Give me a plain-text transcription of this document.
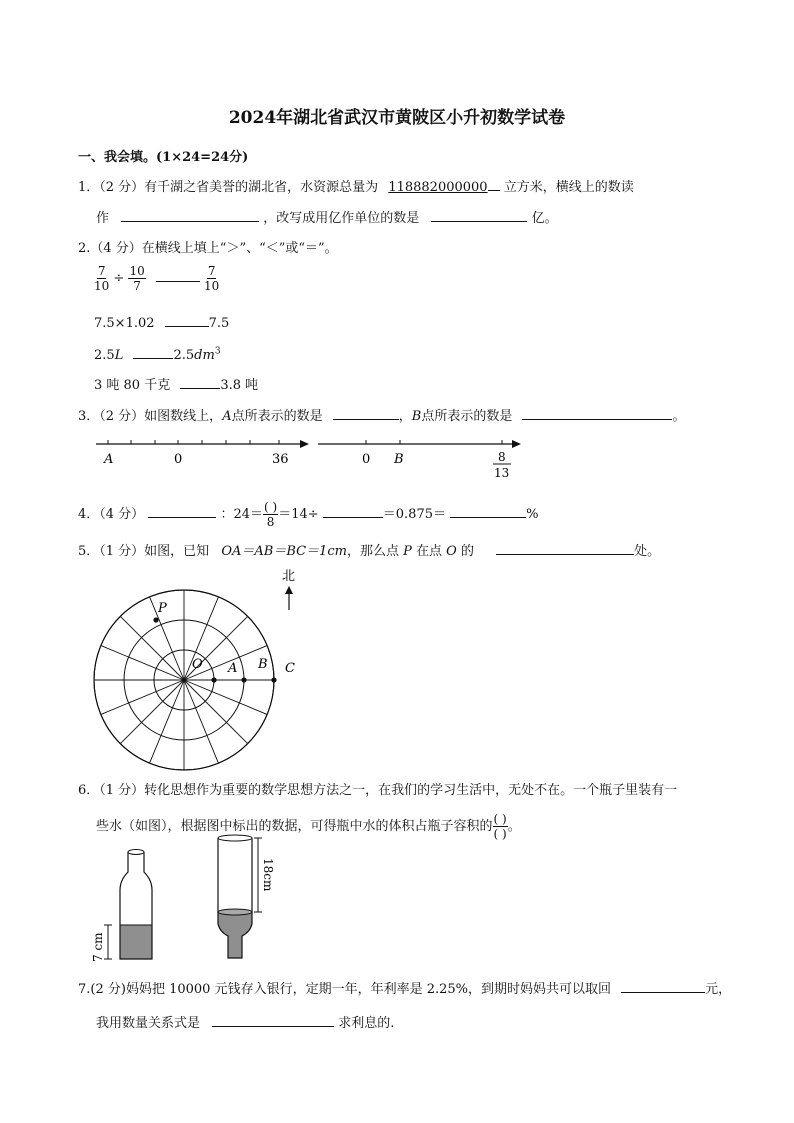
2024年湖北省武汉市黄陂区小升初数学试卷
一、我会填。(1×24=24分)
1．（2 分）有千湖之省美誉的湖北省，水资源总量为 118882000000 立方米，横线上的数读
作	，改写成用亿作单位的数是	亿。
2.（4 分）在横线上填上“＞”、“＜”或“＝”。
$\frac{7}{10} \div \frac{10}{7}$
	$\frac{7}{10}$
7.5×1.02	7.5
2.5L	$2.5dm^3$
3 吨 80 千克	3.8 吨
3．（2 分）如图数线上，A点所表示的数是	，B点所表示的数是	。
A	0	36	0 B	8
13
4．（4 分）	：$24= \frac{( )}{8} =14\div$	＝0.875＝	%
5．（1 分）如图，已知 OA＝AB＝BC＝1cm，那么点 P 在点 O 的	处。
北
P
O A B C
6．（1 分）转化思想作为重要的数学思想方法之一，在我们的学习生活中，无处不在。一个瓶子里装有一
些水（如图），根据图中标出的数据，可得瓶中水的体积占瓶子容积的 $\frac{( )}{( )}$ 。
7 cm
18cm
7.(2 分)妈妈把 10000 元钱存入银行，定期一年，年利率是 2.25%，到期时妈妈共可以取回	元，
我用数量关系式是	求利息的.
